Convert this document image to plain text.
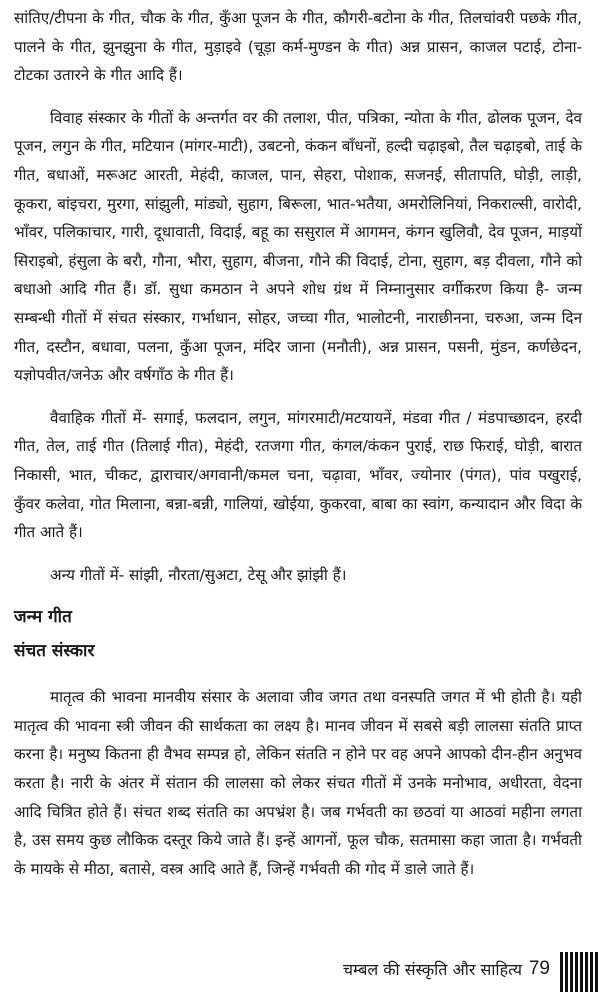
सांतिए/टीपना के गीत, चौक के गीत, कुँआ पूजन के गीत, कौगरी-बटोना के गीत, तिलचांवरी पछके गीत, पालने के गीत, झुनझुना के गीत, मुड़ाइवे (चूड़ा कर्म-मुण्डन के गीत) अन्न प्रासन, काजल पटाई, टोना-टोटका उतारने के गीत आदि हैं।

विवाह संस्कार के गीतों के अन्तर्गत वर की तलाश, पीत, पत्रिका, न्योता के गीत, ढोलक पूजन, देव पूजन, लगुन के गीत, मटियान (मांगर-माटी), उबटनो, कंकन बाँधनों, हल्दी चढ़ाइबो, तैल चढ़ाइबो, ताई के गीत, बधाओं, मरूअट आरती, मेहंदी, काजल, पान, सेहरा, पोशाक, सजनई, सीतापति, घोड़ी, लाड़ी, कूकरा, बांइचरा, मुरगा, सांझुली, मांड्यो, सुहाग, बिरूला, भात-भतैया, अमरोलिनियां, निकराल्सी, वारोदी, भाँवर, पलिकाचार, गारी, दूधावाती, विदाई, बहू का ससुराल में आगमन, कंगन खुलिवौ, देव पूजन, माड़यों सिराइबो, हंसुला के बरौ, गौना, भौरा, सुहाग, बीजना, गौने की विदाई, टोना, सुहाग, बड़ दीवला, गौने को बधाओ आदि गीत हैं। डॉ. सुधा कमठान ने अपने शोध ग्रंथ में निम्नानुसार वर्गीकरण किया है- जन्म सम्बन्धी गीतों में संचत संस्कार, गर्भाधान, सोहर, जच्चा गीत, भालोटनी, नाराछीनना, चरुआ, जन्म दिन गीत, दस्टौन, बधावा, पलना, कुँआ पूजन, मंदिर जाना (मनौती), अन्न प्रासन, पसनी, मुंडन, कर्णछेदन, यज्ञोपवीत/जनेऊ और वर्षगाँठ के गीत हैं।

वैवाहिक गीतों में- सगाई, फलदान, लगुन, मांगरमाटी/मटयायनें, मंडवा गीत / मंडपाच्छादन, हरदी गीत, तेल, ताई गीत (तिलाई गीत), मेहंदी, रतजगा गीत, कंगल/कंकन पुराई, राछ फिराई, घोड़ी, बारात निकासी, भात, चीकट, द्वाराचार/अगवानी/कमल चना, चढ़ावा, भाँवर, ज्योनार (पंगत), पांव पखुराई, कुँवर कलेवा, गोत मिलाना, बन्ना-बन्नी, गालियां, खोईया, कुकरवा, बाबा का स्वांग, कन्यादान और विदा के गीत आते हैं।

अन्य गीतों में- सांझी, नौरता/सुअटा, टेसू और झांझी हैं।

जन्म गीत
संचत संस्कार

मातृत्व की भावना मानवीय संसार के अलावा जीव जगत तथा वनस्पति जगत में भी होती है। यही मातृत्व की भावना स्त्री जीवन की सार्थकता का लक्ष्य है। मानव जीवन में सबसे बड़ी लालसा संतति प्राप्त करना है। मनुष्य कितना ही वैभव सम्पन्न हो, लेकिन संतति न होने पर वह अपने आपको दीन-हीन अनुभव करता है। नारी के अंतर में संतान की लालसा को लेकर संचत गीतों में उनके मनोभाव, अधीरता, वेदना आदि चित्रित होते हैं। संचत शब्द संतति का अपभ्रंश है। जब गर्भवती का छठवां या आठवां महीना लगता है, उस समय कुछ लौकिक दस्तूर किये जाते हैं। इन्हें आगनों, फूल चौक, सतमासा कहा जाता है। गर्भवती के मायके से मीठा, बतासे, वस्त्र आदि आते हैं, जिन्हें गर्भवती की गोद में डाले जाते हैं।

चम्बल की संस्कृति और साहित्य 79
